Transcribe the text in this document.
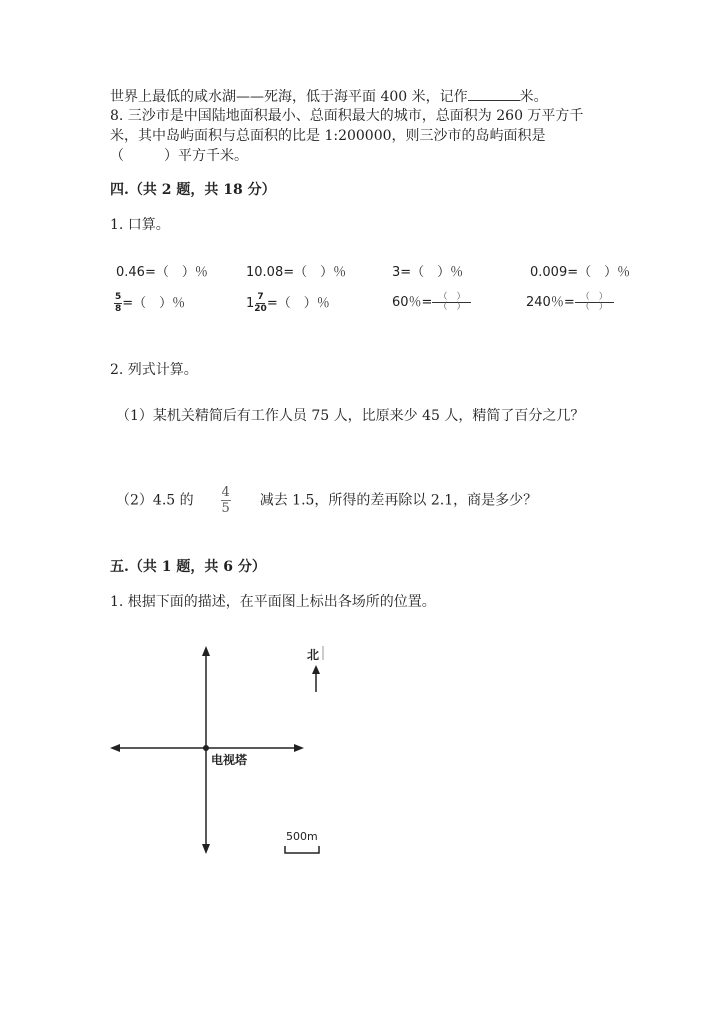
世界上最低的咸水湖——死海，低于海平面 400 米，记作	米。
8. 三沙市是中国陆地面积最小、总面积最大的城市，总面积为 260 万平方千
米，其中岛屿面积与总面积的比是 1:200000，则三沙市的岛屿面积是
（	）平方千米。
四.（共 2 题，共 18 分）
1. 口算。
0.46=（　）％	10.08=（　）％	3=（　）％	0.009=（　）％
$\frac{5}{8}$ =（　）％	$1 \frac{7}{20}$ =（　）％	60％= $\frac{( )}{( )}$	240％= $\frac{( )}{( )}$
2. 列式计算。
（1）某机关精简后有工作人员 75 人，比原来少 45 人，精简了百分之几？
（2）4.5 的 $\frac{4}{5}$ 减去 1.5，所得的差再除以 2.1，商是多少？
五.（共 1 题，共 6 分）
1. 根据下面的描述，在平面图上标出各场所的位置。
电视塔
北
500m
